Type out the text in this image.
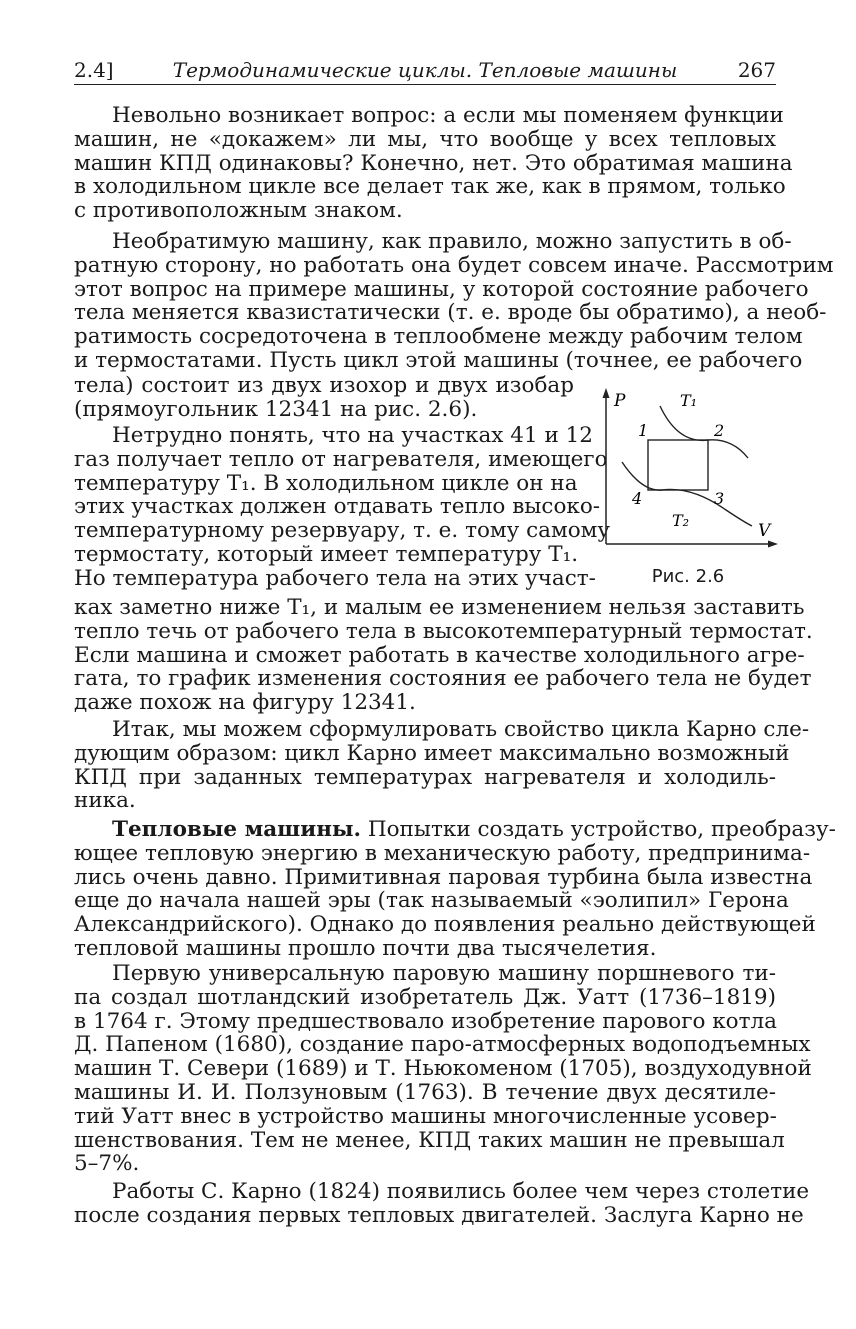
2.4]	Термодинамические циклы. Тепловые машины	267
Невольно возникает вопрос: а если мы поменяем функции
машин, не «докажем» ли мы, что вообще у всех тепловых
машин КПД одинаковы? Конечно, нет. Это обратимая машина
в холодильном цикле все делает так же, как в прямом, только
с противоположным знаком.
Необратимую машину, как правило, можно запустить в об-
ратную сторону, но работать она будет совсем иначе. Рассмотрим
этот вопрос на примере машины, у которой состояние рабочего
тела меняется квазистатически (т. е. вроде бы обратимо), а необ-
ратимость сосредоточена в теплообмене между рабочим телом
и термостатами. Пусть цикл этой машины (точнее, ее рабочего
тела) состоит из двух изохор и двух изобар
(прямоугольник 12341 на рис. 2.6).
Нетрудно понять, что на участках 41 и 12
газ получает тепло от нагревателя, имеющего
температуру T₁. В холодильном цикле он на
этих участках должен отдавать тепло высоко-
температурному резервуару, т. е. тому самому
термостату, который имеет температуру T₁.
Но температура рабочего тела на этих участ-
ках заметно ниже T₁, и малым ее изменением нельзя заставить
тепло течь от рабочего тела в высокотемпературный термостат.
Если машина и сможет работать в качестве холодильного агре-
гата, то график изменения состояния ее рабочего тела не будет
даже похож на фигуру 12341.
Итак, мы можем сформулировать свойство цикла Карно сле-
дующим образом: цикл Карно имеет максимально возможный
КПД при заданных температурах нагревателя и холодиль-
ника.
Тепловые машины. Попытки создать устройство, преобразу-
ющее тепловую энергию в механическую работу, предпринима-
лись очень давно. Примитивная паровая турбина была известна
еще до начала нашей эры (так называемый «эолипил» Герона
Александрийского). Однако до появления реально действующей
тепловой машины прошло почти два тысячелетия.
Первую универсальную паровую машину поршневого ти-
па создал шотландский изобретатель Дж. Уатт (1736–1819)
в 1764 г. Этому предшествовало изобретение парового котла
Д. Папеном (1680), создание паро-атмосферных водоподъемных
машин Т. Севери (1689) и Т. Ньюкоменом (1705), воздуходувной
машины И. И. Ползуновым (1763). В течение двух десятиле-
тий Уатт внес в устройство машины многочисленные усовер-
шенствования. Тем не менее, КПД таких машин не превышал
5–7%.
Работы С. Карно (1824) появились более чем через столетие
после создания первых тепловых двигателей. Заслуга Карно не
P
V
T₁
T₂
1	2
3
4
Рис. 2.6
